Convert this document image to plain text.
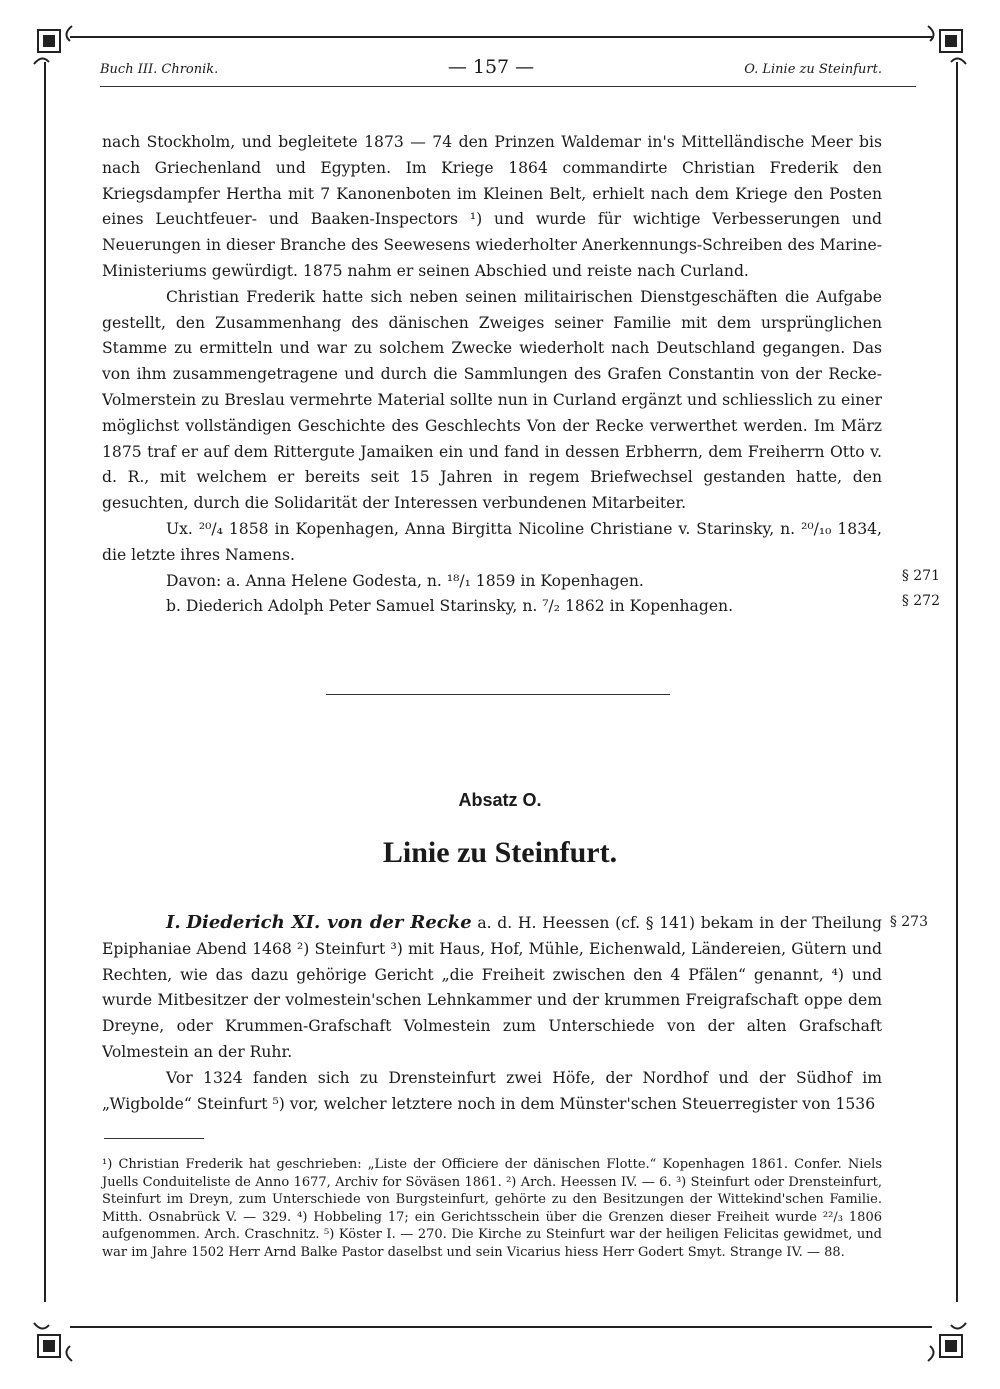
Buch III. Chronik.	— 157 —	O. Linie zu Steinfurt.

nach Stockholm, und begleitete 1873 — 74 den Prinzen Waldemar in's Mittelländische Meer bis nach Griechenland und Egypten. Im Kriege 1864 commandirte Christian Frederik den Kriegsdampfer Hertha mit 7 Kanonenboten im Kleinen Belt, erhielt nach dem Kriege den Posten eines Leuchtfeuer- und Baaken-Inspectors ¹) und wurde für wichtige Verbesserungen und Neuerungen in dieser Branche des Seewesens wiederholter Anerkennungs-Schreiben des Marine-Ministeriums gewürdigt. 1875 nahm er seinen Abschied und reiste nach Curland.

Christian Frederik hatte sich neben seinen militairischen Dienstgeschäften die Aufgabe gestellt, den Zusammenhang des dänischen Zweiges seiner Familie mit dem ursprünglichen Stamme zu ermitteln und war zu solchem Zwecke wiederholt nach Deutschland gegangen. Das von ihm zusammengetragene und durch die Sammlungen des Grafen Constantin von der Recke-Volmerstein zu Breslau vermehrte Material sollte nun in Curland ergänzt und schliesslich zu einer möglichst vollständigen Geschichte des Geschlechts Von der Recke verwerthet werden. Im März 1875 traf er auf dem Rittergute Jamaiken ein und fand in dessen Erbherrn, dem Freiherrn Otto v. d. R., mit welchem er bereits seit 15 Jahren in regem Briefwechsel gestanden hatte, den gesuchten, durch die Solidarität der Interessen verbundenen Mitarbeiter.

Ux. ²⁰/₄ 1858 in Kopenhagen, Anna Birgitta Nicoline Christiane v. Starinsky, n. ²⁰/₁₀ 1834, die letzte ihres Namens.

Davon: a. Anna Helene Godesta, n. ¹⁸/₁ 1859 in Kopenhagen.

b. Diederich Adolph Peter Samuel Starinsky, n. ⁷/₂ 1862 in Kopenhagen.

§ 271
§ 272
Absatz O.
Linie zu Steinfurt.

I. Diederich XI. von der Recke a. d. H. Heessen (cf. § 141) bekam in der Theilung Epiphaniae Abend 1468 ²) Steinfurt ³) mit Haus, Hof, Mühle, Eichenwald, Ländereien, Gütern und Rechten, wie das dazu gehörige Gericht „die Freiheit zwischen den 4 Pfälen“ genannt, ⁴) und wurde Mitbesitzer der volmestein'schen Lehnkammer und der krummen Freigrafschaft oppe dem Dreyne, oder Krummen-Grafschaft Volmestein zum Unterschiede von der alten Grafschaft Volmestein an der Ruhr.

Vor 1324 fanden sich zu Drensteinfurt zwei Höfe, der Nordhof und der Südhof im „Wigbolde“ Steinfurt ⁵) vor, welcher letztere noch in dem Münster'schen Steuerregister von 1536

§ 273
¹) Christian Frederik hat geschrieben: „Liste der Officiere der dänischen Flotte.“ Kopenhagen 1861. Confer. Niels Juells Conduiteliste de Anno 1677, Archiv for Söväsen 1861. ²) Arch. Heessen IV. — 6. ³) Steinfurt oder Drensteinfurt, Steinfurt im Dreyn, zum Unterschiede von Burgsteinfurt, gehörte zu den Besitzungen der Wittekind'schen Familie. Mitth. Osnabrück V. — 329. ⁴) Hobbeling 17; ein Gerichtsschein über die Grenzen dieser Freiheit wurde ²²/₃ 1806 aufgenommen. Arch. Craschnitz. ⁵) Köster I. — 270. Die Kirche zu Steinfurt war der heiligen Felicitas gewidmet, und war im Jahre 1502 Herr Arnd Balke Pastor daselbst und sein Vicarius hiess Herr Godert Smyt. Strange IV. — 88.
